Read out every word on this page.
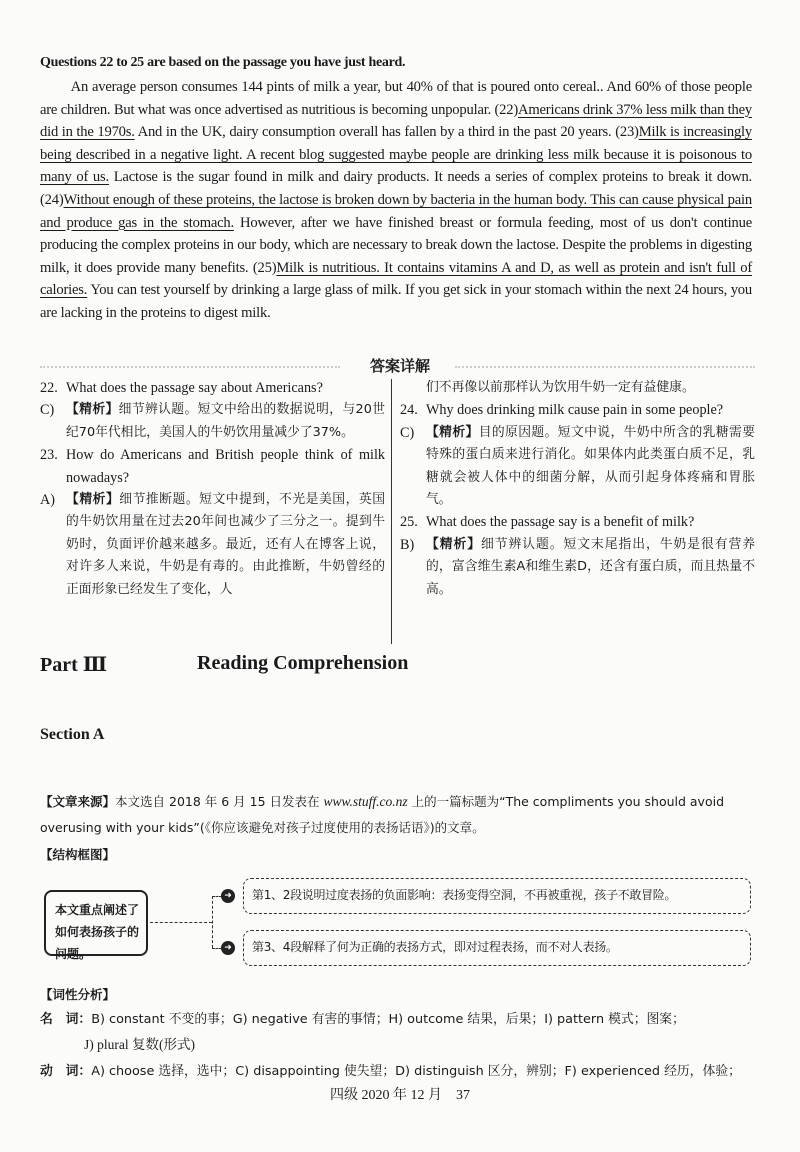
Questions 22 to 25 are based on the passage you have just heard.
An average person consumes 144 pints of milk a year, but 40% of that is poured onto cereal.. And 60% of those people are children. But what was once advertised as nutritious is becoming unpopular. (22)Americans drink 37% less milk than they did in the 1970s. And in the UK, dairy consumption overall has fallen by a third in the past 20 years. (23)Milk is increasingly being described in a negative light. A recent blog suggested maybe people are drinking less milk because it is poisonous to many of us. Lactose is the sugar found in milk and dairy products. It needs a series of complex proteins to break it down. (24)Without enough of these proteins, the lactose is broken down by bacteria in the human body. This can cause physical pain and produce gas in the stomach. However, after we have finished breast or formula feeding, most of us don't continue producing the complex proteins in our body, which are necessary to break down the lactose. Despite the problems in digesting milk, it does provide many benefits. (25)Milk is nutritious. It contains vitamins A and D, as well as protein and isn't full of calories. You can test yourself by drinking a large glass of milk. If you get sick in your stomach within the next 24 hours, you are lacking in the proteins to digest milk.
答案详解
22. What does the passage say about Americans?
C) 【精析】细节辨认题。短文中给出的数据说明，与20世纪70年代相比，美国人的牛奶饮用量减少了37%。
23. How do Americans and British people think of milk nowadays?
A) 【精析】细节推断题。短文中提到，不光是美国，英国的牛奶饮用量在过去20年间也减少了三分之一。提到牛奶时，负面评价越来越多。最近，还有人在博客上说，对许多人来说，牛奶是有毒的。由此推断，牛奶曾经的正面形象已经发生了变化，人
们不再像以前那样认为饮用牛奶一定有益健康。
24. Why does drinking milk cause pain in some people?
C) 【精析】目的原因题。短文中说，牛奶中所含的乳糖需要特殊的蛋白质来进行消化。如果体内此类蛋白质不足，乳糖就会被人体中的细菌分解，从而引起身体疼痛和胃胀气。
25. What does the passage say is a benefit of milk?
B) 【精析】细节辨认题。短文末尾指出，牛奶是很有营养的，富含维生素A和维生素D，还含有蛋白质，而且热量不高。
Part Ⅲ	Reading Comprehension
Section A
【文章来源】本文选自 2018 年 6 月 15 日发表在 www.stuff.co.nz 上的一篇标题为“The compliments you should avoid overusing with your kids”(《你应该避免对孩子过度使用的表扬话语》)的文章。
【结构框图】
本文重点阐述了如何表扬孩子的问题。
➜
➜
第1、2段说明过度表扬的负面影响：表扬变得空洞，不再被重视，孩子不敢冒险。
第3、4段解释了何为正确的表扬方式，即对过程表扬，而不对人表扬。
【词性分析】
名　词：B) constant 不变的事；G) negative 有害的事情；H) outcome 结果，后果；I) pattern 模式；图案；
J) plural 复数(形式)
动　词：A) choose 选择，选中；C) disappointing 使失望；D) distinguish 区分，辨别；F) experienced 经历，体验；
四级 2020 年 12 月　37
